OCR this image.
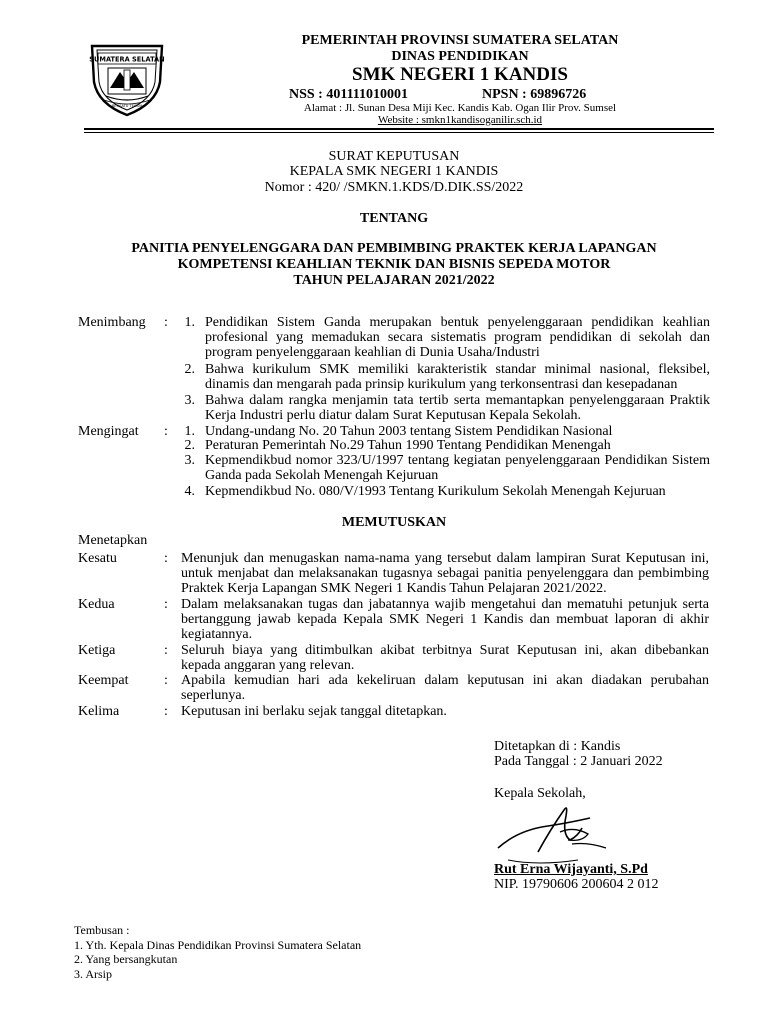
SUMATERA SELATAN
BERSATU TEGUH
PEMERINTAH PROVINSI SUMATERA SELATAN
DINAS PENDIDIKAN
SMK NEGERI 1 KANDIS
NSS : 401111010001	NPSN : 69896726
Alamat : Jl. Sunan Desa Miji Kec. Kandis Kab. Ogan Ilir Prov. Sumsel
Website : smkn1kandisoganilir.sch.id
SURAT KEPUTUSAN
KEPALA SMK NEGERI 1 KANDIS
Nomor : 420/ /SMKN.1.KDS/D.DIK.SS/2022
TENTANG
PANITIA PENYELENGGARA DAN PEMBIMBING PRAKTEK KERJA LAPANGAN
KOMPETENSI KEAHLIAN TEKNIK DAN BISNIS SEPEDA MOTOR
TAHUN PELAJARAN 2021/2022
Menimbang : 1. Pendidikan Sistem Ganda merupakan bentuk penyelenggaraan pendidikan keahlian profesional yang memadukan secara sistematis program pendidikan di sekolah dan program penyelenggaraan keahlian di Dunia Usaha/Industri
2. Bahwa kurikulum SMK memiliki karakteristik standar minimal nasional, fleksibel, dinamis dan mengarah pada prinsip kurikulum yang terkonsentrasi dan kesepadanan
3. Bahwa dalam rangka menjamin tata tertib serta memantapkan penyelenggaraan Praktik Kerja Industri perlu diatur dalam Surat Keputusan Kepala Sekolah.
Mengingat : 1. Undang-undang No. 20 Tahun 2003 tentang Sistem Pendidikan Nasional
2. Peraturan Pemerintah No.29 Tahun 1990 Tentang Pendidikan Menengah
3. Kepmendikbud nomor 323/U/1997 tentang kegiatan penyelenggaraan Pendidikan Sistem Ganda pada Sekolah Menengah Kejuruan
4. Kepmendikbud No. 080/V/1993 Tentang Kurikulum Sekolah Menengah Kejuruan
MEMUTUSKAN
Menetapkan
Kesatu	: Menunjuk dan menugaskan nama-nama yang tersebut dalam lampiran Surat Keputusan ini, untuk menjabat dan melaksanakan tugasnya sebagai panitia penyelenggara dan pembimbing Praktek Kerja Lapangan SMK Negeri 1 Kandis Tahun Pelajaran 2021/2022.
Kedua	: Dalam melaksanakan tugas dan jabatannya wajib mengetahui dan mematuhi petunjuk serta bertanggung jawab kepada Kepala SMK Negeri 1 Kandis dan membuat laporan di akhir kegiatannya.
Ketiga	: Seluruh biaya yang ditimbulkan akibat terbitnya Surat Keputusan ini, akan dibebankan kepada anggaran yang relevan.
Keempat	: Apabila kemudian hari ada kekeliruan dalam keputusan ini akan diadakan perubahan seperlunya.
Kelima	: Keputusan ini berlaku sejak tanggal ditetapkan.
Ditetapkan di : Kandis
Pada Tanggal : 2 Januari 2022
Kepala Sekolah,
Rut Erna Wijayanti, S.Pd
NIP. 19790606 200604 2 012
Tembusan :
1. Yth. Kepala Dinas Pendidikan Provinsi Sumatera Selatan
2. Yang bersangkutan
3. Arsip
